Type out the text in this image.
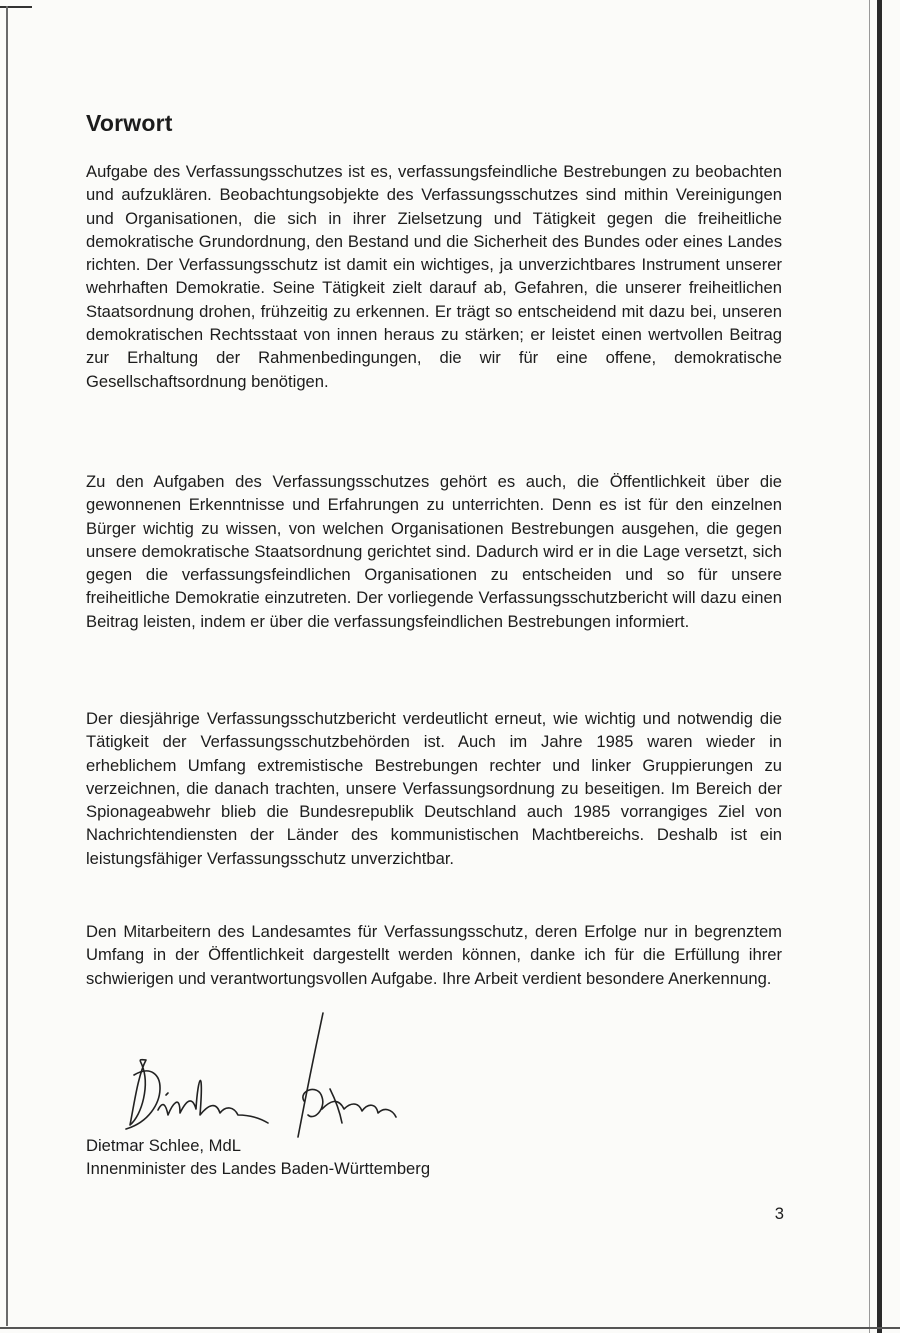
Vorwort

Aufgabe des Verfassungsschutzes ist es, verfassungsfeindliche Bestrebungen zu beobachten und aufzuklären. Beobachtungsobjekte des Verfassungsschutzes sind mithin Vereinigungen und Organisationen, die sich in ihrer Zielsetzung und Tätigkeit gegen die freiheitliche demokratische Grundordnung, den Bestand und die Sicherheit des Bundes oder eines Landes richten. Der Verfassungsschutz ist damit ein wichtiges, ja unverzichtbares Instrument unserer wehrhaften Demokratie. Seine Tätigkeit zielt darauf ab, Gefahren, die unserer freiheitlichen Staatsordnung drohen, frühzeitig zu erkennen. Er trägt so entscheidend mit dazu bei, unseren demokratischen Rechtsstaat von innen heraus zu stärken; er leistet einen wertvollen Beitrag zur Erhaltung der Rahmenbedingungen, die wir für eine offene, demokratische Gesellschaftsordnung benötigen.

Zu den Aufgaben des Verfassungsschutzes gehört es auch, die Öffentlichkeit über die gewonnenen Erkenntnisse und Erfahrungen zu unterrichten. Denn es ist für den einzelnen Bürger wichtig zu wissen, von welchen Organisationen Bestrebungen ausgehen, die gegen unsere demokratische Staatsordnung gerichtet sind. Dadurch wird er in die Lage versetzt, sich gegen die verfassungsfeindlichen Organisationen zu entscheiden und so für unsere freiheitliche Demokratie einzutreten. Der vorliegende Verfassungsschutzbericht will dazu einen Beitrag leisten, indem er über die verfassungsfeindlichen Bestrebungen informiert.

Der diesjährige Verfassungsschutzbericht verdeutlicht erneut, wie wichtig und notwendig die Tätigkeit der Verfassungsschutzbehörden ist. Auch im Jahre 1985 waren wieder in erheblichem Umfang extremistische Bestrebungen rechter und linker Gruppierungen zu verzeichnen, die danach trachten, unsere Verfassungsordnung zu beseitigen. Im Bereich der Spionageabwehr blieb die Bundesrepublik Deutschland auch 1985 vorrangiges Ziel von Nachrichtendiensten der Länder des kommunistischen Machtbereichs. Deshalb ist ein leistungsfähiger Verfassungsschutz unverzichtbar.

Den Mitarbeitern des Landesamtes für Verfassungsschutz, deren Erfolge nur in begrenztem Umfang in der Öffentlichkeit dargestellt werden können, danke ich für die Erfüllung ihrer schwierigen und verantwortungsvollen Aufgabe. Ihre Arbeit verdient besondere Anerkennung.

Dietmar Schlee, MdL
Innenminister des Landes Baden-Württemberg

3
